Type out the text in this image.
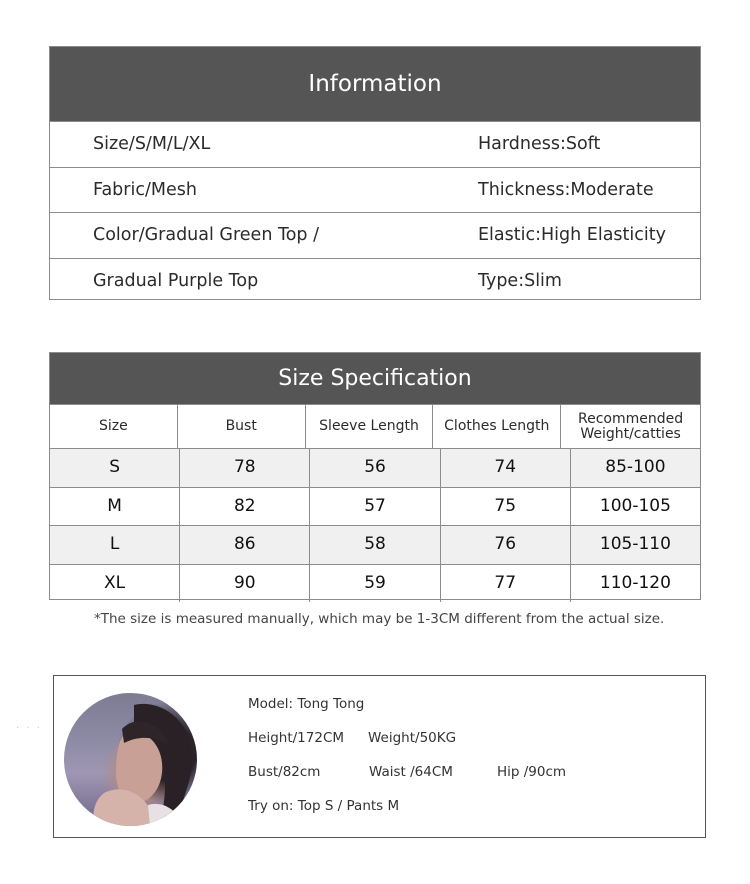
Information
Size/S/M/L/XL	Hardness:Soft
Fabric/Mesh	Thickness:Moderate
Color/Gradual Green Top /	Elastic:High Elasticity
Gradual Purple Top	Type:Slim
Size Specification
Size	Bust	Sleeve Length	Clothes Length	Recommended Weight/catties
S	78	56	74	85-100
M	82	57	75	100-105
L	86	58	76	105-110
XL	90	59	77	110-120
*The size is measured manually, which may be 1-3CM different from the actual size.
· · ·
Model: Tong Tong
Height/172CM Weight/50KG
Bust/82cm	Waist /64CM	Hip /90cm
Try on: Top S / Pants M
